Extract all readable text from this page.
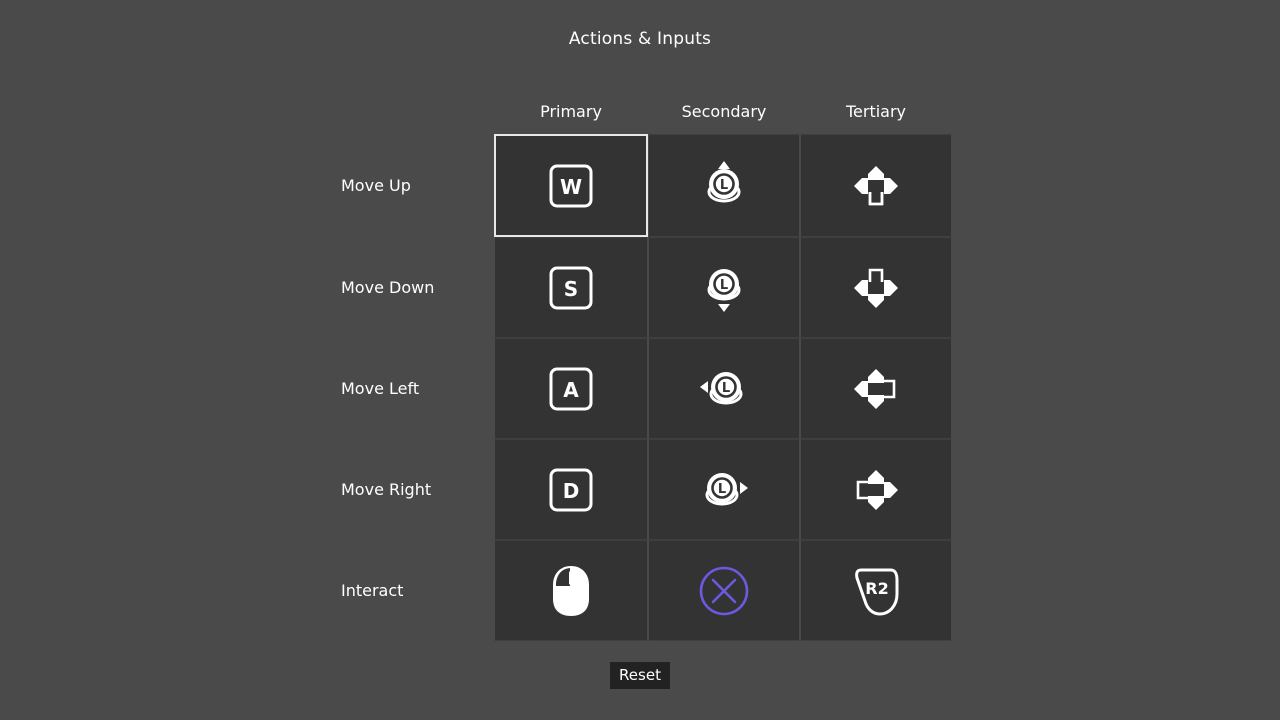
Actions & Inputs
	Primary	Secondary	Tertiary
Move Up	W	L

Move Down	S	L

Move Left	A	L

Move Right	D	L

Interact			R2
Reset
